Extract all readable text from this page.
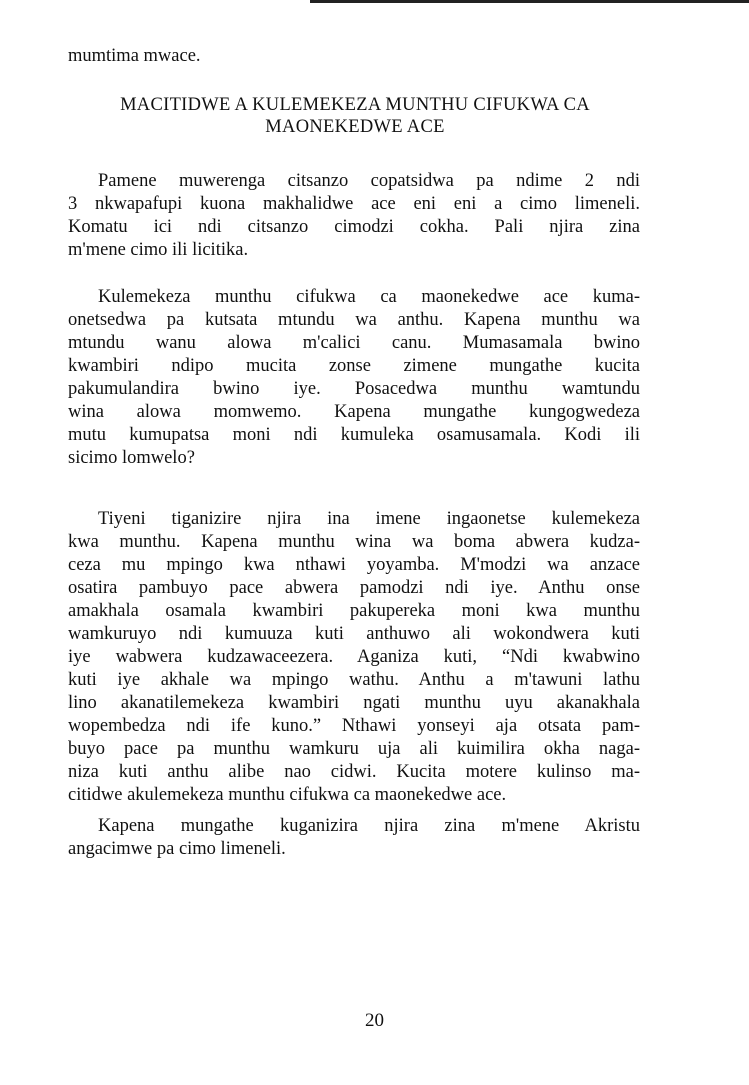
mumtima mwace.
MACITIDWE A KULEMEKEZA MUNTHU CIFUKWA CA
MAONEKEDWE ACE
Pamene muwerenga citsanzo copatsidwa pa ndime 2 ndi
3 nkwapafupi kuona makhalidwe ace eni eni a cimo limeneli.
Komatu ici ndi citsanzo cimodzi cokha. Pali njira zina
m'mene cimo ili licitika.
Kulemekeza munthu cifukwa ca maonekedwe ace kuma-
onetsedwa pa kutsata mtundu wa anthu. Kapena munthu wa
mtundu wanu alowa m'calici canu. Mumasamala bwino
kwambiri ndipo mucita zonse zimene mungathe kucita
pakumulandira bwino iye. Posacedwa munthu wamtundu
wina alowa momwemo. Kapena mungathe kungogwedeza
mutu kumupatsa moni ndi kumuleka osamusamala. Kodi ili
sicimo lomwelo?
Tiyeni tiganizire njira ina imene ingaonetse kulemekeza
kwa munthu. Kapena munthu wina wa boma abwera kudza-
ceza mu mpingo kwa nthawi yoyamba. M'modzi wa anzace
osatira pambuyo pace abwera pamodzi ndi iye. Anthu onse
amakhala osamala kwambiri pakupereka moni kwa munthu
wamkuruyo ndi kumuuza kuti anthuwo ali wokondwera kuti
iye wabwera kudzawaceezera. Aganiza kuti, “Ndi kwabwino
kuti iye akhale wa mpingo wathu. Anthu a m'tawuni lathu
lino akanatilemekeza kwambiri ngati munthu uyu akanakhala
wopembedza ndi ife kuno.” Nthawi yonseyi aja otsata pam-
buyo pace pa munthu wamkuru uja ali kuimilira okha naga-
niza kuti anthu alibe nao cidwi. Kucita motere kulinso ma-
citidwe akulemekeza munthu cifukwa ca maonekedwe ace.
Kapena mungathe kuganizira njira zina m'mene Akristu
angacimwe pa cimo limeneli.
20
